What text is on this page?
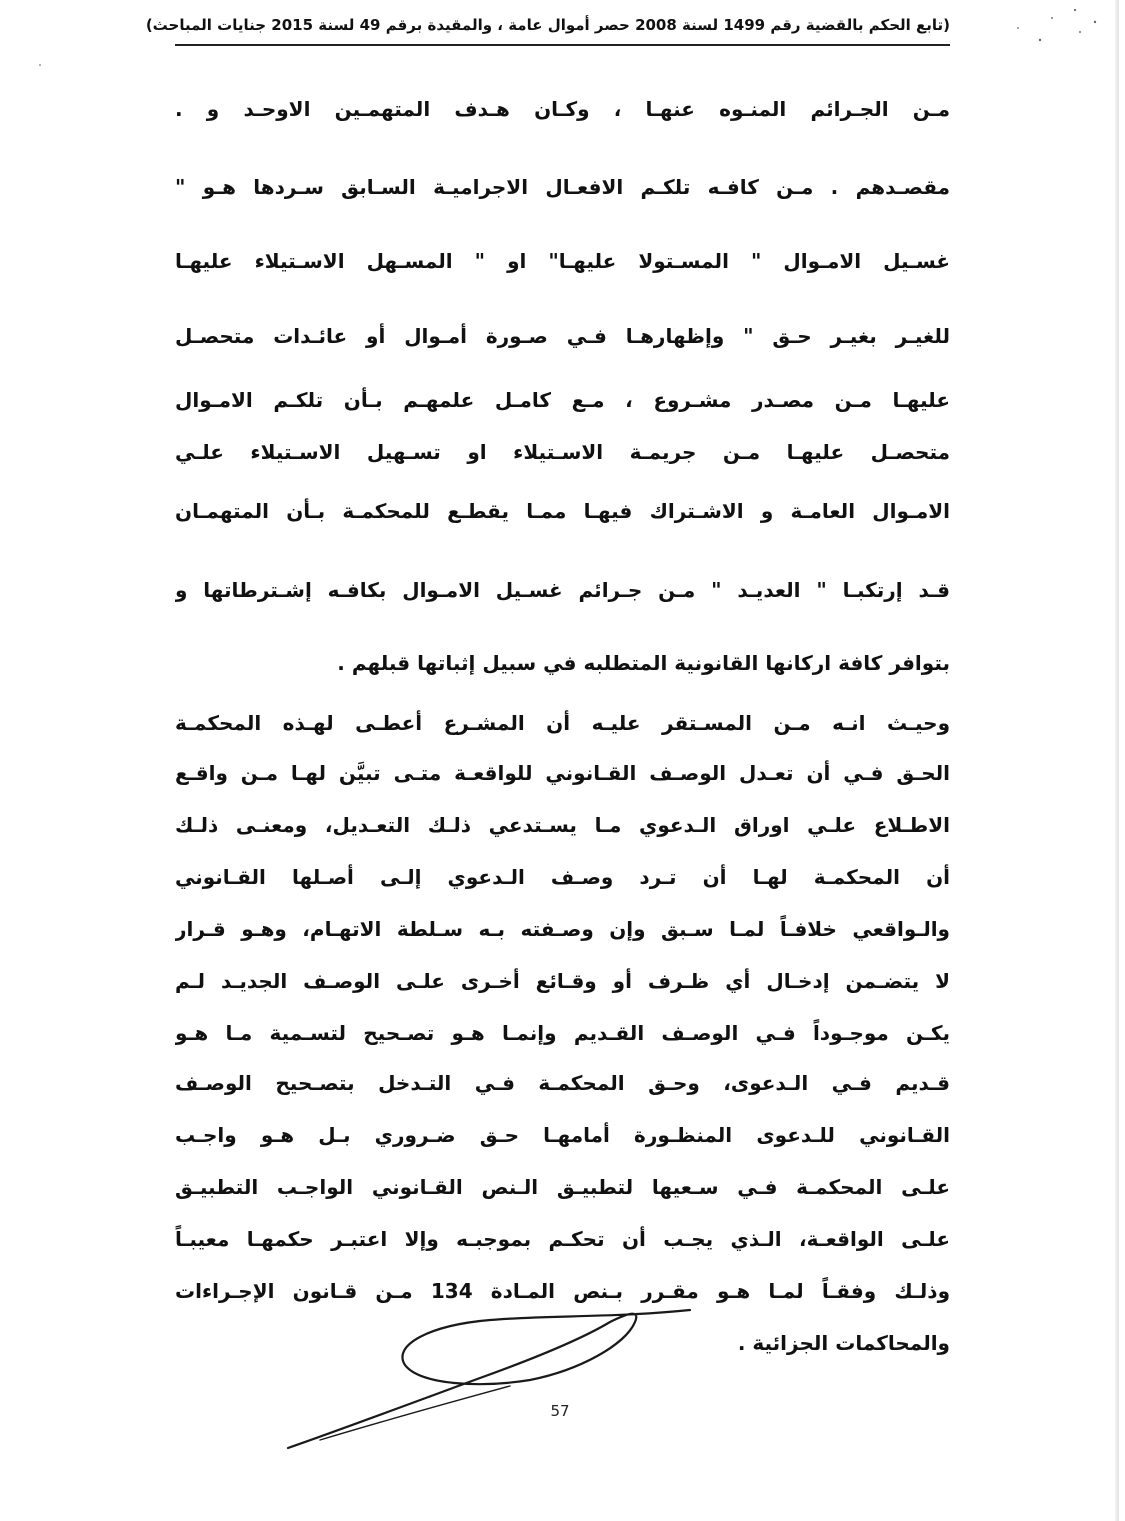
(تابع الحكم بالقضية رقم 1499 لسنة 2008 حصر أموال عامة ، والمقيدة برقم 49 لسنة 2015 جنايات المباحث)
مـن الجـرائم المنـوه عنهـا ، وكـان هـدف المتهمـين الاوحـد و .
مقصـدهم . مـن كافـه تلكـم الافعـال الاجراميـة السـابق سـردها هـو "
غسـيل الامـوال " المسـتولا عليهـا" او " المسـهل الاسـتيلاء عليهـا
للغيـر بغيـر حـق " وإظهارهـا فـي صـورة أمـوال أو عائـدات متحصـل
عليهـا مـن مصـدر مشـروع ، مـع كامـل علمهـم بـأن تلكـم الامـوال
متحصـل عليهـا مـن جريمـة الاسـتيلاء او تسـهيل الاسـتيلاء علـي
الامـوال العامـة و الاشـتراك فيهـا ممـا يقطـع للمحكمـة بـأن المتهمـان
قـد إرتكبـا " العديـد " مـن جـرائم غسـيل الامـوال بكافـه إشـترطاتها و
بتوافر كافة اركانها القانونية المتطلبه في سبيل إثباتها قبلهم .
وحيـث انـه مـن المسـتقر عليـه أن المشـرع أعطـى لهـذه المحكمـة
الحـق فـي أن تعـدل الوصـف القـانوني للواقعـة متـى تبيَّن لهـا مـن واقـع
الاطـلاع علـي اوراق الـدعوي مـا يسـتدعي ذلـك التعـديل، ومعنـى ذلـك
أن المحكمـة لهـا أن تـرد وصـف الـدعوي إلـى أصـلها القـانوني
والـواقعي خلافـاً لمـا سـبق وإن وصـفته بـه سـلطة الاتهـام، وهـو قـرار
لا يتضـمن إدخـال أي ظـرف أو وقـائع أخـرى علـى الوصـف الجديـد لـم
يكـن موجـوداً فـي الوصـف القـديم وإنمـا هـو تصـحيح لتسـمية مـا هـو
قـديم فـي الـدعوى، وحـق المحكمـة فـي التـدخل بتصـحيح الوصـف
القـانوني للـدعوى المنظـورة أمامهـا حـق ضـروري بـل هـو واجـب
علـى المحكمـة فـي سـعيها لتطبيـق الـنص القـانوني الواجـب التطبيـق
علـى الواقعـة، الـذي يجـب أن تحكـم بموجبـه وإلا اعتبـر حكمهـا معيبـاً
وذلـك وفقـاً لمـا هـو مقـرر بـنص المـادة 134 مـن قـانون الإجـراءات
والمحاكمات الجزائية .
57
